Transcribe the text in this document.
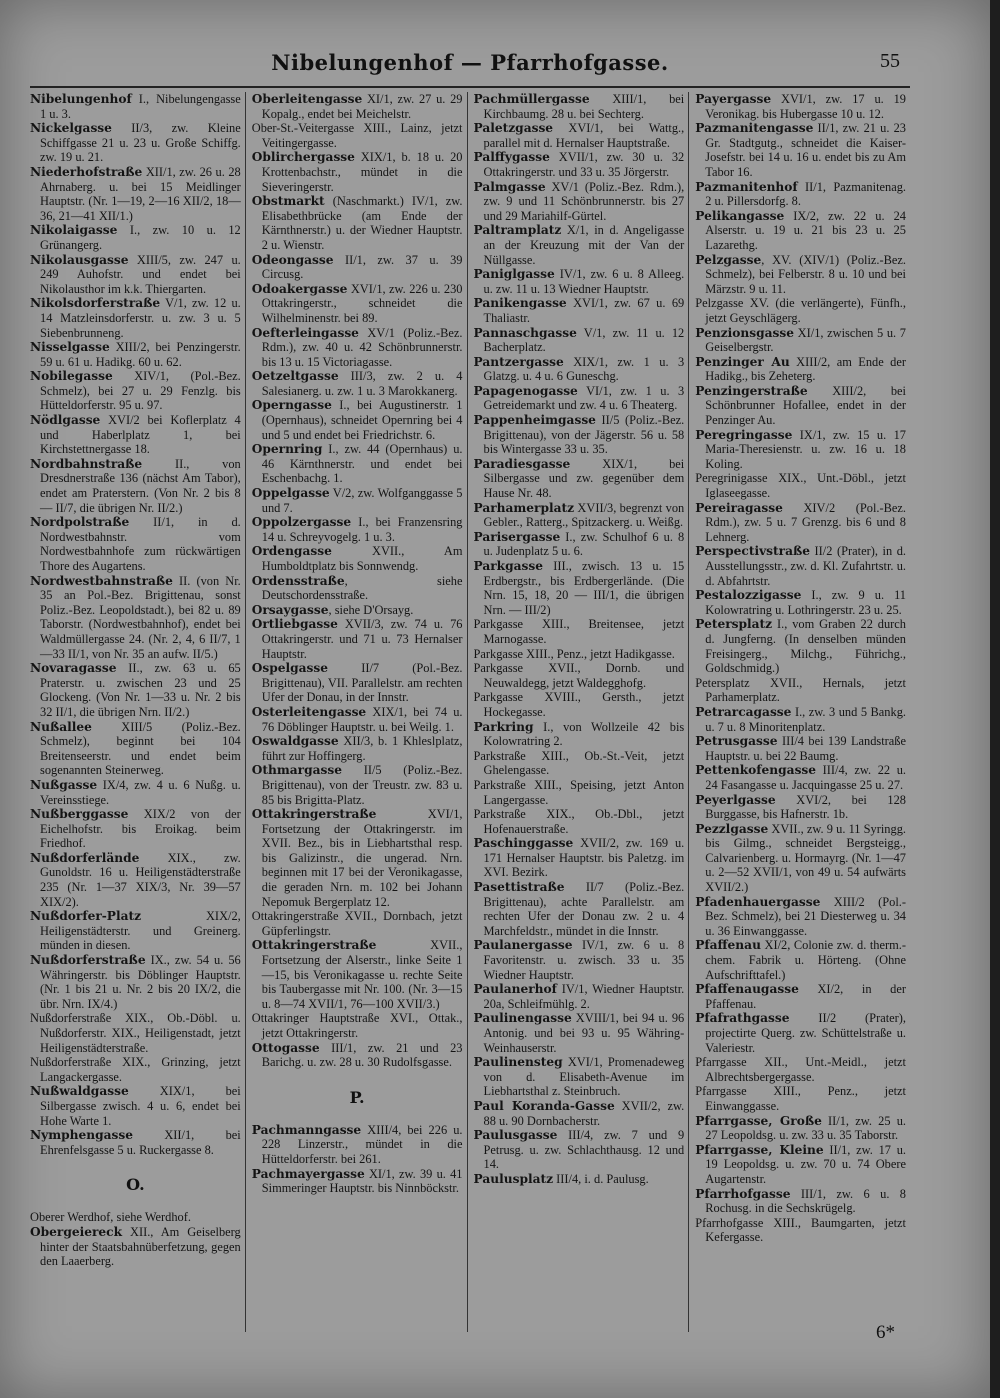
Nibelungenhof — Pfarrhofgasse.	55
Nibelungenhof I., Nibelungengasse 1 u. 3.
Nickelgasse II/3, zw. Kleine Schiffgasse 21 u. 23 u. Große Schiffg. zw. 19 u. 21.
Niederhofstraße XII/1, zw. 26 u. 28 Ahrnaberg. u. bei 15 Meidlinger Hauptstr. (Nr. 1—19, 2—16 XII/2, 18—36, 21—41 XII/1.)
Nikolaigasse I., zw. 10 u. 12 Grünangerg.
Nikolausgasse XIII/5, zw. 247 u. 249 Auhofstr. und endet bei Nikolausthor im k.k. Thiergarten.
Nikolsdorferstraße V/1, zw. 12 u. 14 Matzleinsdorferstr. u. zw. 3 u. 5 Siebenbrunneng.
Nisselgasse XIII/2, bei Penzingerstr. 59 u. 61 u. Hadikg. 60 u. 62.
Nobilegasse XIV/1, (Pol.-Bez. Schmelz), bei 27 u. 29 Fenzlg. bis Hütteldorferstr. 95 u. 97.
Nödlgasse XVI/2 bei Koflerplatz 4 und Haberlplatz 1, bei Kirchstettnergasse 18.
Nordbahnstraße II., von Dresdnerstraße 136 (nächst Am Tabor), endet am Praterstern. (Von Nr. 2 bis 8 — II/7, die übrigen Nr. II/2.)
Nordpolstraße II/1, in d. Nordwestbahnstr. vom Nordwestbahnhofe zum rückwärtigen Thore des Augartens.
Nordwestbahnstraße II. (von Nr. 35 an Pol.-Bez. Brigittenau, sonst Poliz.-Bez. Leopoldstadt.), bei 82 u. 89 Taborstr. (Nordwestbahnhof), endet bei Waldmüllergasse 24. (Nr. 2, 4, 6 II/7, 1—33 II/1, von Nr. 35 an aufw. II/5.)
Novaragasse II., zw. 63 u. 65 Praterstr. u. zwischen 23 und 25 Glockeng. (Von Nr. 1—33 u. Nr. 2 bis 32 II/1, die übrigen Nrn. II/2.)
Nußallee XIII/5 (Poliz.-Bez. Schmelz), beginnt bei 104 Breitenseerstr. und endet beim sogenannten Steinerweg.
Nußgasse IX/4, zw. 4 u. 6 Nußg. u. Vereinsstiege.
Nußberggasse XIX/2 von der Eichelhofstr. bis Eroikag. beim Friedhof.
Nußdorferlände XIX., zw. Gunoldstr. 16 u. Heiligenstädterstraße 235 (Nr. 1—37 XIX/3, Nr. 39—57 XIX/2).
Nußdorfer-Platz XIX/2, Heiligenstädterstr. und Greinerg. münden in diesen.
Nußdorferstraße IX., zw. 54 u. 56 Währingerstr. bis Döblinger Hauptstr. (Nr. 1 bis 21 u. Nr. 2 bis 20 IX/2, die übr. Nrn. IX/4.)
Nußdorferstraße XIX., Ob.-Döbl. u. Nußdorferstr. XIX., Heiligenstadt, jetzt Heiligenstädterstraße.
Nußdorferstraße XIX., Grinzing, jetzt Langackergasse.
Nußwaldgasse XIX/1, bei Silbergasse zwisch. 4 u. 6, endet bei Hohe Warte 1.
Nymphengasse XII/1, bei Ehrenfelsgasse 5 u. Ruckergasse 8.
O.
Oberer Werdhof, siehe Werdhof.
Obergeiereck XII., Am Geiselberg hinter der Staatsbahnüberfetzung, gegen den Laaerberg.
Oberleitengasse XI/1, zw. 27 u. 29 Kopalg., endet bei Meichelstr.
Ober-St.-Veitergasse XIII., Lainz, jetzt Veitingergasse.
Oblirchergasse XIX/1, b. 18 u. 20 Krottenbachstr., mündet in die Sieveringerstr.
Obstmarkt (Naschmarkt.) IV/1, zw. Elisabethbrücke (am Ende der Kärnthnerstr.) u. der Wiedner Hauptstr. 2 u. Wienstr.
Odeongasse II/1, zw. 37 u. 39 Circusg.
Odoakergasse XVI/1, zw. 226 u. 230 Ottakringerstr., schneidet die Wilhelminenstr. bei 89.
Oefterleingasse XV/1 (Poliz.-Bez. Rdm.), zw. 40 u. 42 Schönbrunnerstr. bis 13 u. 15 Victoriagasse.
Oetzeltgasse III/3, zw. 2 u. 4 Salesianerg. u. zw. 1 u. 3 Marokkanerg.
Operngasse I., bei Augustinerstr. 1 (Opernhaus), schneidet Opernring bei 4 und 5 und endet bei Friedrichstr. 6.
Opernring I., zw. 44 (Opernhaus) u. 46 Kärnthnerstr. und endet bei Eschenbachg. 1.
Oppelgasse V/2, zw. Wolfganggasse 5 und 7.
Oppolzergasse I., bei Franzensring 14 u. Schreyvogelg. 1 u. 3.
Ordengasse XVII., Am Humboldtplatz bis Sonnwendg.
Ordensstraße, siehe Deutschordensstraße.
Orsaygasse, siehe D'Orsayg.
Ortliebgasse XVII/3, zw. 74 u. 76 Ottakringerstr. und 71 u. 73 Hernalser Hauptstr.
Ospelgasse II/7 (Pol.-Bez. Brigittenau), VII. Parallelstr. am rechten Ufer der Donau, in der Innstr.
Osterleitengasse XIX/1, bei 74 u. 76 Döblinger Hauptstr. u. bei Weilg. 1.
Oswaldgasse XII/3, b. 1 Khleslplatz, führt zur Hoffingerg.
Othmargasse II/5 (Poliz.-Bez. Brigittenau), von der Treustr. zw. 83 u. 85 bis Brigitta-Platz.
Ottakringerstraße XVI/1, Fortsetzung der Ottakringerstr. im XVII. Bez., bis in Liebhartsthal resp. bis Galizinstr., die ungerad. Nrn. beginnen mit 17 bei der Veronikagasse, die geraden Nrn. m. 102 bei Johann Nepomuk Bergerplatz 12.
Ottakringerstraße XVII., Dornbach, jetzt Güpferlingstr.
Ottakringerstraße XVII., Fortsetzung der Alserstr., linke Seite 1—15, bis Veronikagasse u. rechte Seite bis Taubergasse mit Nr. 100. (Nr. 3—15 u. 8—74 XVII/1, 76—100 XVII/3.)
Ottakringer Hauptstraße XVI., Ottak., jetzt Ottakringerstr.
Ottogasse III/1, zw. 21 und 23 Barichg. u. zw. 28 u. 30 Rudolfsgasse.
P.
Pachmanngasse XIII/4, bei 226 u. 228 Linzerstr., mündet in die Hütteldorferstr. bei 261.
Pachmayergasse XI/1, zw. 39 u. 41 Simmeringer Hauptstr. bis Ninnböckstr.
Pachmüllergasse XIII/1, bei Kirchbaumg. 28 u. bei Sechterg.
Paletzgasse XVI/1, bei Wattg., parallel mit d. Hernalser Hauptstraße.
Palffygasse XVII/1, zw. 30 u. 32 Ottakringerstr. und 33 u. 35 Jörgerstr.
Palmgasse XV/1 (Poliz.-Bez. Rdm.), zw. 9 und 11 Schönbrunnerstr. bis 27 und 29 Mariahilf-Gürtel.
Paltramplatz X/1, in d. Angeligasse an der Kreuzung mit der Van der Nüllgasse.
Paniglgasse IV/1, zw. 6 u. 8 Alleeg. u. zw. 11 u. 13 Wiedner Hauptstr.
Panikengasse XVI/1, zw. 67 u. 69 Thaliastr.
Pannaschgasse V/1, zw. 11 u. 12 Bacherplatz.
Pantzergasse XIX/1, zw. 1 u. 3 Glatzg. u. 4 u. 6 Guneschg.
Papagenogasse VI/1, zw. 1 u. 3 Getreidemarkt und zw. 4 u. 6 Theaterg.
Pappenheimgasse II/5 (Poliz.-Bez. Brigittenau), von der Jägerstr. 56 u. 58 bis Wintergasse 33 u. 35.
Paradiesgasse XIX/1, bei Silbergasse und zw. gegenüber dem Hause Nr. 48.
Parhamerplatz XVII/3, begrenzt von Gebler., Ratterg., Spitzackerg. u. Weißg.
Parisergasse I., zw. Schulhof 6 u. 8 u. Judenplatz 5 u. 6.
Parkgasse III., zwisch. 13 u. 15 Erdbergstr., bis Erdbergerlände. (Die Nrn. 15, 18, 20 — III/1, die übrigen Nrn. — III/2)
Parkgasse XIII., Breitensee, jetzt Marnogasse.
Parkgasse XIII., Penz., jetzt Hadikgasse.
Parkgasse XVII., Dornb. und Neuwaldegg, jetzt Waldegghofg.
Parkgasse XVIII., Gersth., jetzt Hockegasse.
Parkring I., von Wollzeile 42 bis Kolowratring 2.
Parkstraße XIII., Ob.-St.-Veit, jetzt Ghelengasse.
Parkstraße XIII., Speising, jetzt Anton Langergasse.
Parkstraße XIX., Ob.-Dbl., jetzt Hofenauerstraße.
Paschinggasse XVII/2, zw. 169 u. 171 Hernalser Hauptstr. bis Paletzg. im XVI. Bezirk.
Pasettistraße II/7 (Poliz.-Bez. Brigittenau), achte Parallelstr. am rechten Ufer der Donau zw. 2 u. 4 Marchfeldstr., mündet in die Innstr.
Paulanergasse IV/1, zw. 6 u. 8 Favoritenstr. u. zwisch. 33 u. 35 Wiedner Hauptstr.
Paulanerhof IV/1, Wiedner Hauptstr. 20a, Schleifmühlg. 2.
Paulinengasse XVIII/1, bei 94 u. 96 Antonig. und bei 93 u. 95 Währing-Weinhauserstr.
Paulinensteg XVI/1, Promenadeweg von d. Elisabeth-Avenue im Liebhartsthal z. Steinbruch.
Paul Koranda-Gasse XVII/2, zw. 88 u. 90 Dornbacherstr.
Paulusgasse III/4, zw. 7 und 9 Petrusg. u. zw. Schlachthausg. 12 und 14.
Paulusplatz III/4, i. d. Paulusg.
Payergasse XVI/1, zw. 17 u. 19 Veronikag. bis Hubergasse 10 u. 12.
Pazmanitengasse II/1, zw. 21 u. 23 Gr. Stadtgutg., schneidet die Kaiser-Josefstr. bei 14 u. 16 u. endet bis zu Am Tabor 16.
Pazmanitenhof II/1, Pazmanitenag. 2 u. Pillersdorfg. 8.
Pelikangasse IX/2, zw. 22 u. 24 Alserstr. u. 19 u. 21 bis 23 u. 25 Lazarethg.
Pelzgasse, XV. (XIV/1) (Poliz.-Bez. Schmelz), bei Felberstr. 8 u. 10 und bei Märzstr. 9 u. 11.
Pelzgasse XV. (die verlängerte), Fünfh., jetzt Geyschlägerg.
Penzionsgasse XI/1, zwischen 5 u. 7 Geiselbergstr.
Penzinger Au XIII/2, am Ende der Hadikg., bis Zeheterg.
Penzingerstraße XIII/2, bei Schönbrunner Hofallee, endet in der Penzinger Au.
Peregringasse IX/1, zw. 15 u. 17 Maria-Theresienstr. u. zw. 16 u. 18 Koling.
Peregrinigasse XIX., Unt.-Döbl., jetzt Iglaseegasse.
Pereiragasse XIV/2 (Pol.-Bez. Rdm.), zw. 5 u. 7 Grenzg. bis 6 und 8 Lehnerg.
Perspectivstraße II/2 (Prater), in d. Ausstellungsstr., zw. d. Kl. Zufahrtstr. u. d. Abfahrtstr.
Pestalozzigasse I., zw. 9 u. 11 Kolowratring u. Lothringerstr. 23 u. 25.
Petersplatz I., vom Graben 22 durch d. Jungferng. (In denselben münden Freisingerg., Milchg., Führichg., Goldschmidg.)
Petersplatz XVII., Hernals, jetzt Parhamerplatz.
Petrarcagasse I., zw. 3 und 5 Bankg. u. 7 u. 8 Minoritenplatz.
Petrusgasse III/4 bei 139 Landstraße Hauptstr. u. bei 22 Baumg.
Pettenkofengasse III/4, zw. 22 u. 24 Fasangasse u. Jacquingasse 25 u. 27.
Peyerlgasse XVI/2, bei 128 Burggasse, bis Hafnerstr. 1b.
Pezzlgasse XVII., zw. 9 u. 11 Syringg. bis Gilmg., schneidet Bergsteigg., Calvarienberg. u. Hormayrg. (Nr. 1—47 u. 2—52 XVII/1, von 49 u. 54 aufwärts XVII/2.)
Pfadenhauergasse XIII/2 (Pol.-Bez. Schmelz), bei 21 Diesterweg u. 34 u. 36 Einwanggasse.
Pfaffenau XI/2, Colonie zw. d. therm.-chem. Fabrik u. Hörteng. (Ohne Aufschrifttafel.)
Pfaffenaugasse XI/2, in der Pfaffenau.
Pfafrathgasse II/2 (Prater), projectirte Querg. zw. Schüttelstraße u. Valeriestr.
Pfarrgasse XII., Unt.-Meidl., jetzt Albrechtsbergergasse.
Pfarrgasse XIII., Penz., jetzt Einwanggasse.
Pfarrgasse, Große II/1, zw. 25 u. 27 Leopoldsg. u. zw. 33 u. 35 Taborstr.
Pfarrgasse, Kleine II/1, zw. 17 u. 19 Leopoldsg. u. zw. 70 u. 74 Obere Augartenstr.
Pfarrhofgasse III/1, zw. 6 u. 8 Rochusg. in die Sechskrügelg.
Pfarrhofgasse XIII., Baumgarten, jetzt Kefergasse.
6*
